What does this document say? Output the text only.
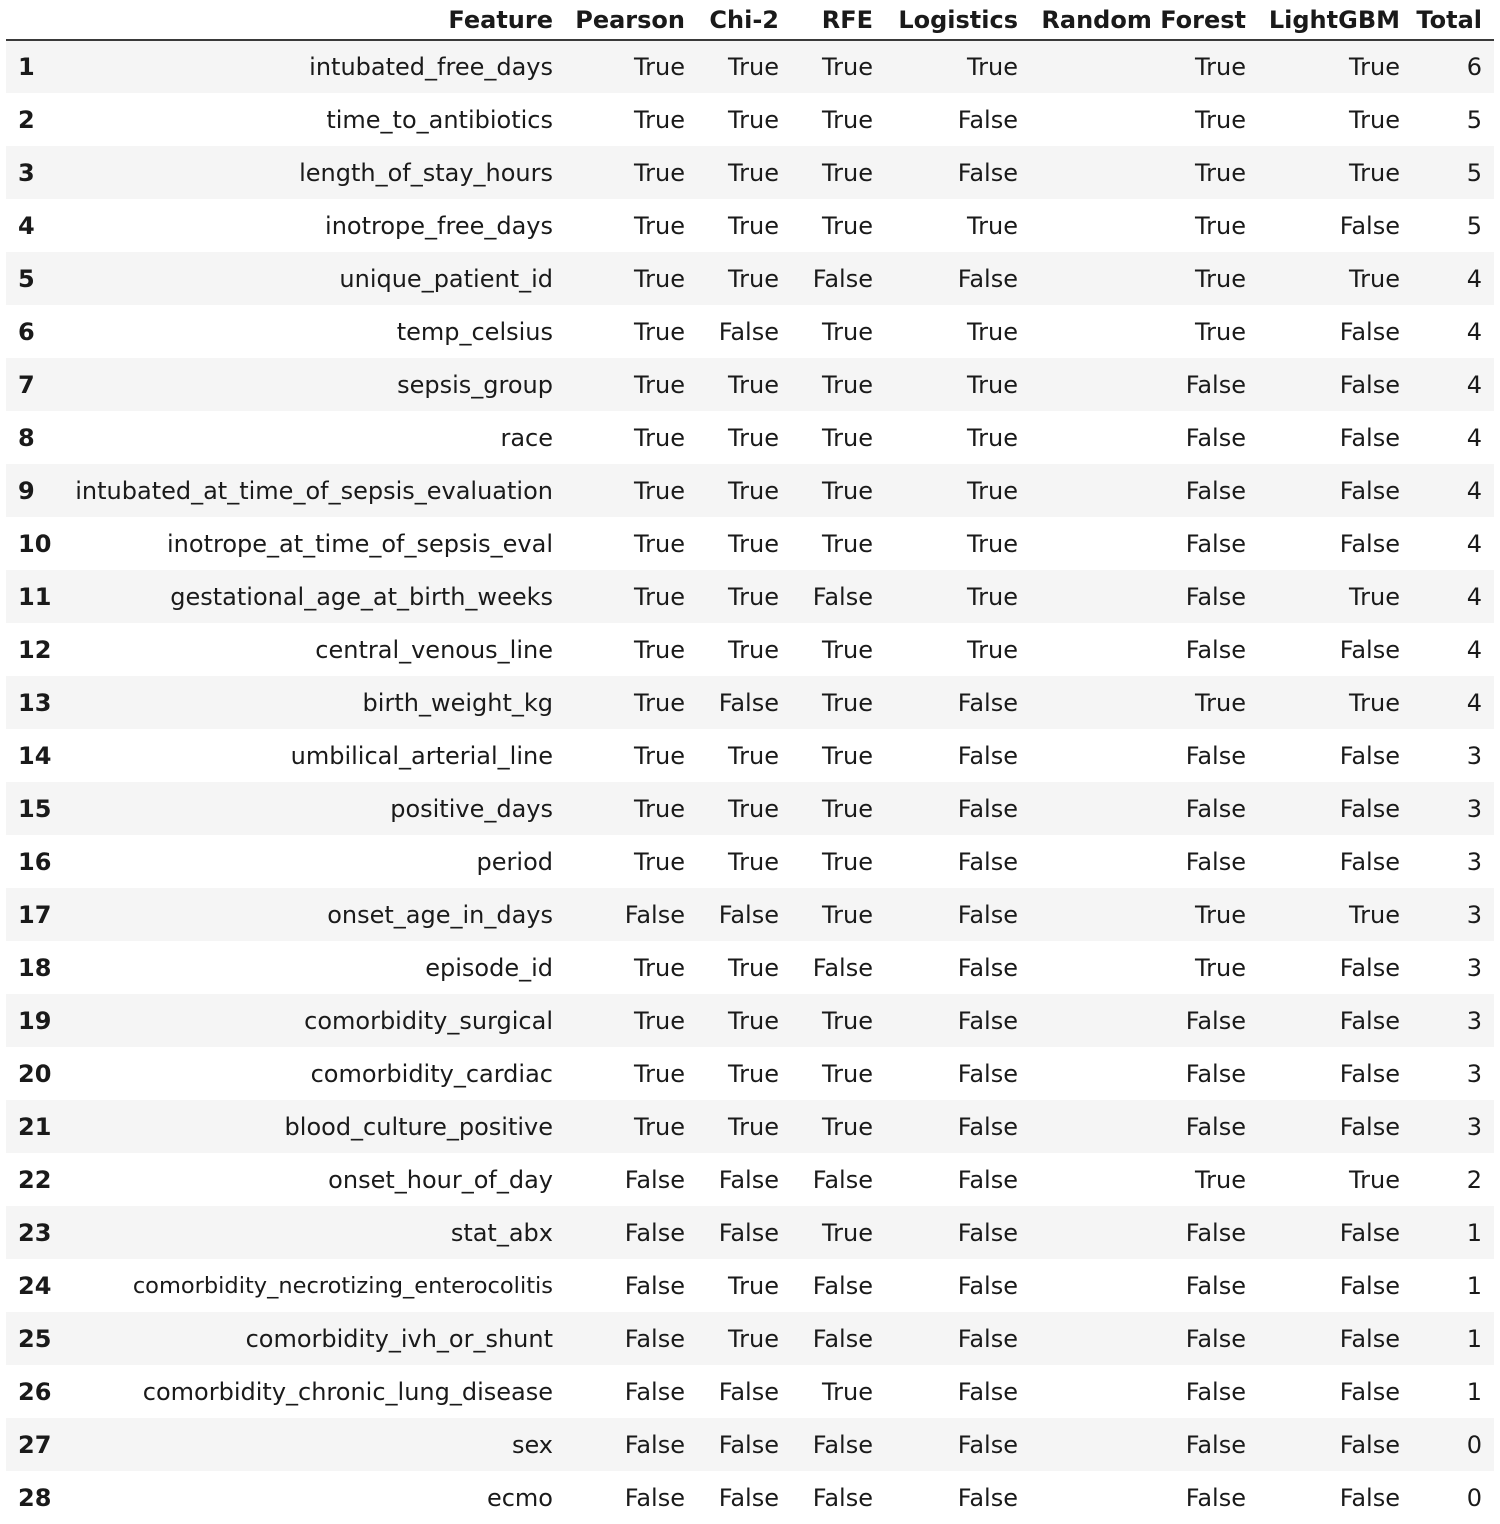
	Feature	Pearson	Chi-2	RFE	Logistics	Random Forest	LightGBM	Total
1	intubated_free_days	True	True	True	True	True	True	6
2	time_to_antibiotics	True	True	True	False	True	True	5
3	length_of_stay_hours	True	True	True	False	True	True	5
4	inotrope_free_days	True	True	True	True	True	False	5
5	unique_patient_id	True	True	False	False	True	True	4
6	temp_celsius	True	False	True	True	True	False	4
7	sepsis_group	True	True	True	True	False	False	4
8	race	True	True	True	True	False	False	4
9	intubated_at_time_of_sepsis_evaluation	True	True	True	True	False	False	4
10	inotrope_at_time_of_sepsis_eval	True	True	True	True	False	False	4
11	gestational_age_at_birth_weeks	True	True	False	True	False	True	4
12	central_venous_line	True	True	True	True	False	False	4
13	birth_weight_kg	True	False	True	False	True	True	4
14	umbilical_arterial_line	True	True	True	False	False	False	3
15	positive_days	True	True	True	False	False	False	3
16	period	True	True	True	False	False	False	3
17	onset_age_in_days	False	False	True	False	True	True	3
18	episode_id	True	True	False	False	True	False	3
19	comorbidity_surgical	True	True	True	False	False	False	3
20	comorbidity_cardiac	True	True	True	False	False	False	3
21	blood_culture_positive	True	True	True	False	False	False	3
22	onset_hour_of_day	False	False	False	False	True	True	2
23	stat_abx	False	False	True	False	False	False	1
24	comorbidity_necrotizing_enterocolitis	False	True	False	False	False	False	1
25	comorbidity_ivh_or_shunt	False	True	False	False	False	False	1
26	comorbidity_chronic_lung_disease	False	False	True	False	False	False	1
27	sex	False	False	False	False	False	False	0
28	ecmo	False	False	False	False	False	False	0
